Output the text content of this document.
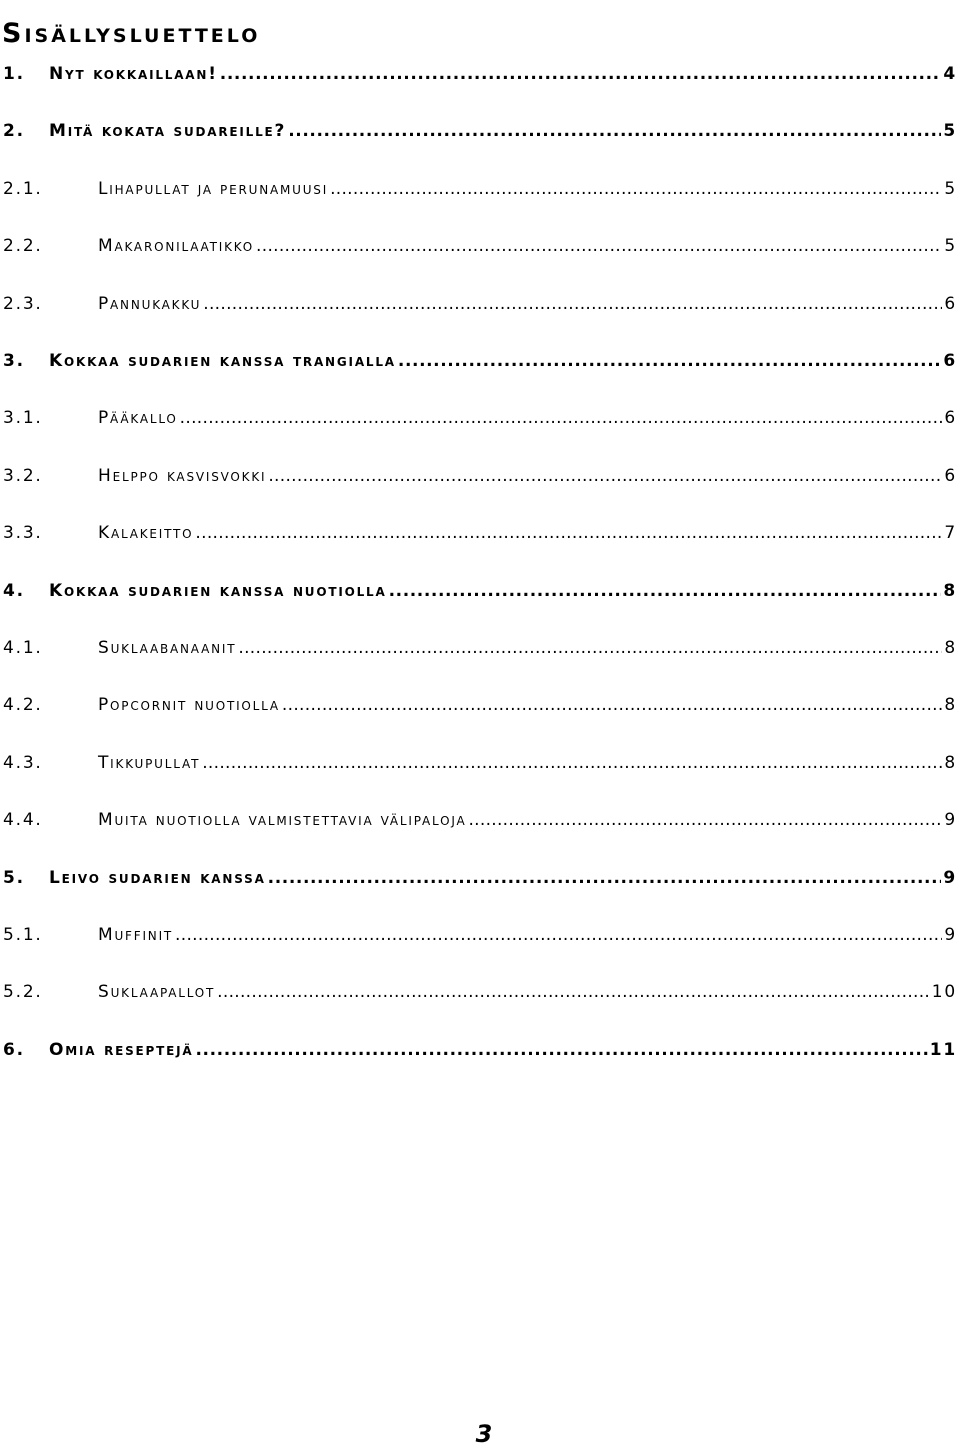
Sisällysluettelo
1.	Nyt kokkaillaan! .....	4
2.	Mitä kokata sudareille? .....	5
2.1.	Lihapullat ja perunamuusi .....	5
2.2.	Makaronilaatikko .....	5
2.3.	Pannukakku .....	6
3.	Kokkaa sudarien kanssa trangialla .....	6
3.1.	Pääkallo .....	6
3.2.	Helppo kasvisvokki .....	6
3.3.	Kalakeitto .....	7
4.	Kokkaa sudarien kanssa nuotiolla .....	8
4.1.	Suklaabanaanit .....	8
4.2.	Popcornit nuotiolla .....	8
4.3.	Tikkupullat .....	8
4.4.	Muita nuotiolla valmistettavia välipaloja .....	9
5.	Leivo sudarien kanssa .....	9
5.1.	Muffinit .....	9
5.2.	Suklaapallot .....	10
6.	Omia reseptejä .....	11
3
